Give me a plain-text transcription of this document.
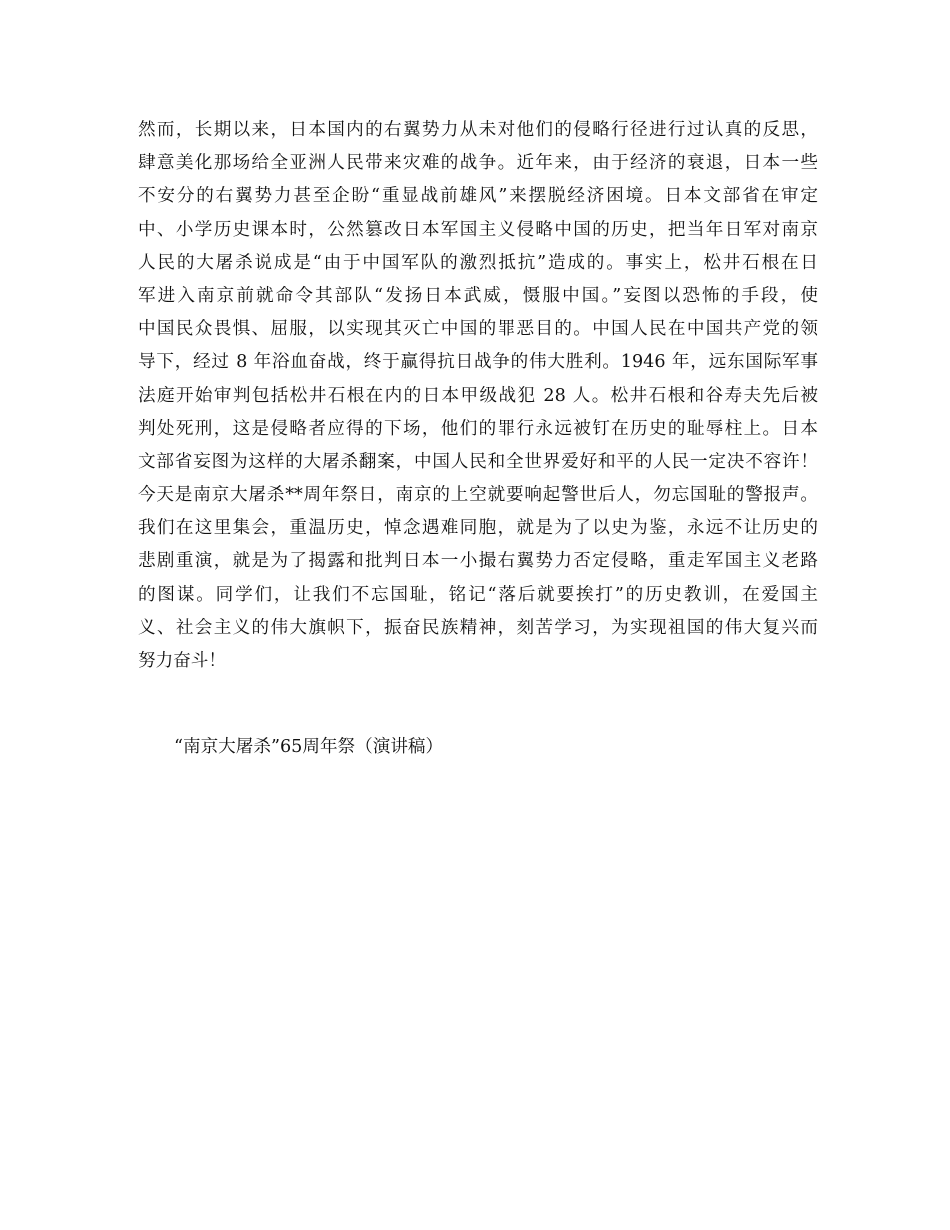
然而，长期以来，日本国内的右翼势力从未对他们的侵略行径进行过认真的反思，
肆意美化那场给全亚洲人民带来灾难的战争。近年来，由于经济的衰退，日本一些
不安分的右翼势力甚至企盼“重显战前雄风”来摆脱经济困境。日本文部省在审定
中、小学历史课本时，公然篡改日本军国主义侵略中国的历史，把当年日军对南京
人民的大屠杀说成是“由于中国军队的激烈抵抗”造成的。事实上，松井石根在日
军进入南京前就命令其部队“发扬日本武威，慑服中国。”妄图以恐怖的手段，使
中国民众畏惧、屈服，以实现其灭亡中国的罪恶目的。中国人民在中国共产党的领
导下，经过 8 年浴血奋战，终于赢得抗日战争的伟大胜利。1946 年，远东国际军事
法庭开始审判包括松井石根在内的日本甲级战犯 28 人。松井石根和谷寿夫先后被
判处死刑，这是侵略者应得的下场，他们的罪行永远被钉在历史的耻辱柱上。日本
文部省妄图为这样的大屠杀翻案，中国人民和全世界爱好和平的人民一定决不容许！
今天是南京大屠杀**周年祭日，南京的上空就要响起警世后人，勿忘国耻的警报声。
我们在这里集会，重温历史，悼念遇难同胞，就是为了以史为鉴，永远不让历史的
悲剧重演，就是为了揭露和批判日本一小撮右翼势力否定侵略，重走军国主义老路
的图谋。同学们，让我们不忘国耻，铭记“落后就要挨打”的历史教训，在爱国主
义、社会主义的伟大旗帜下，振奋民族精神，刻苦学习，为实现祖国的伟大复兴而
努力奋斗！

“南京大屠杀”65周年祭（演讲稿）
